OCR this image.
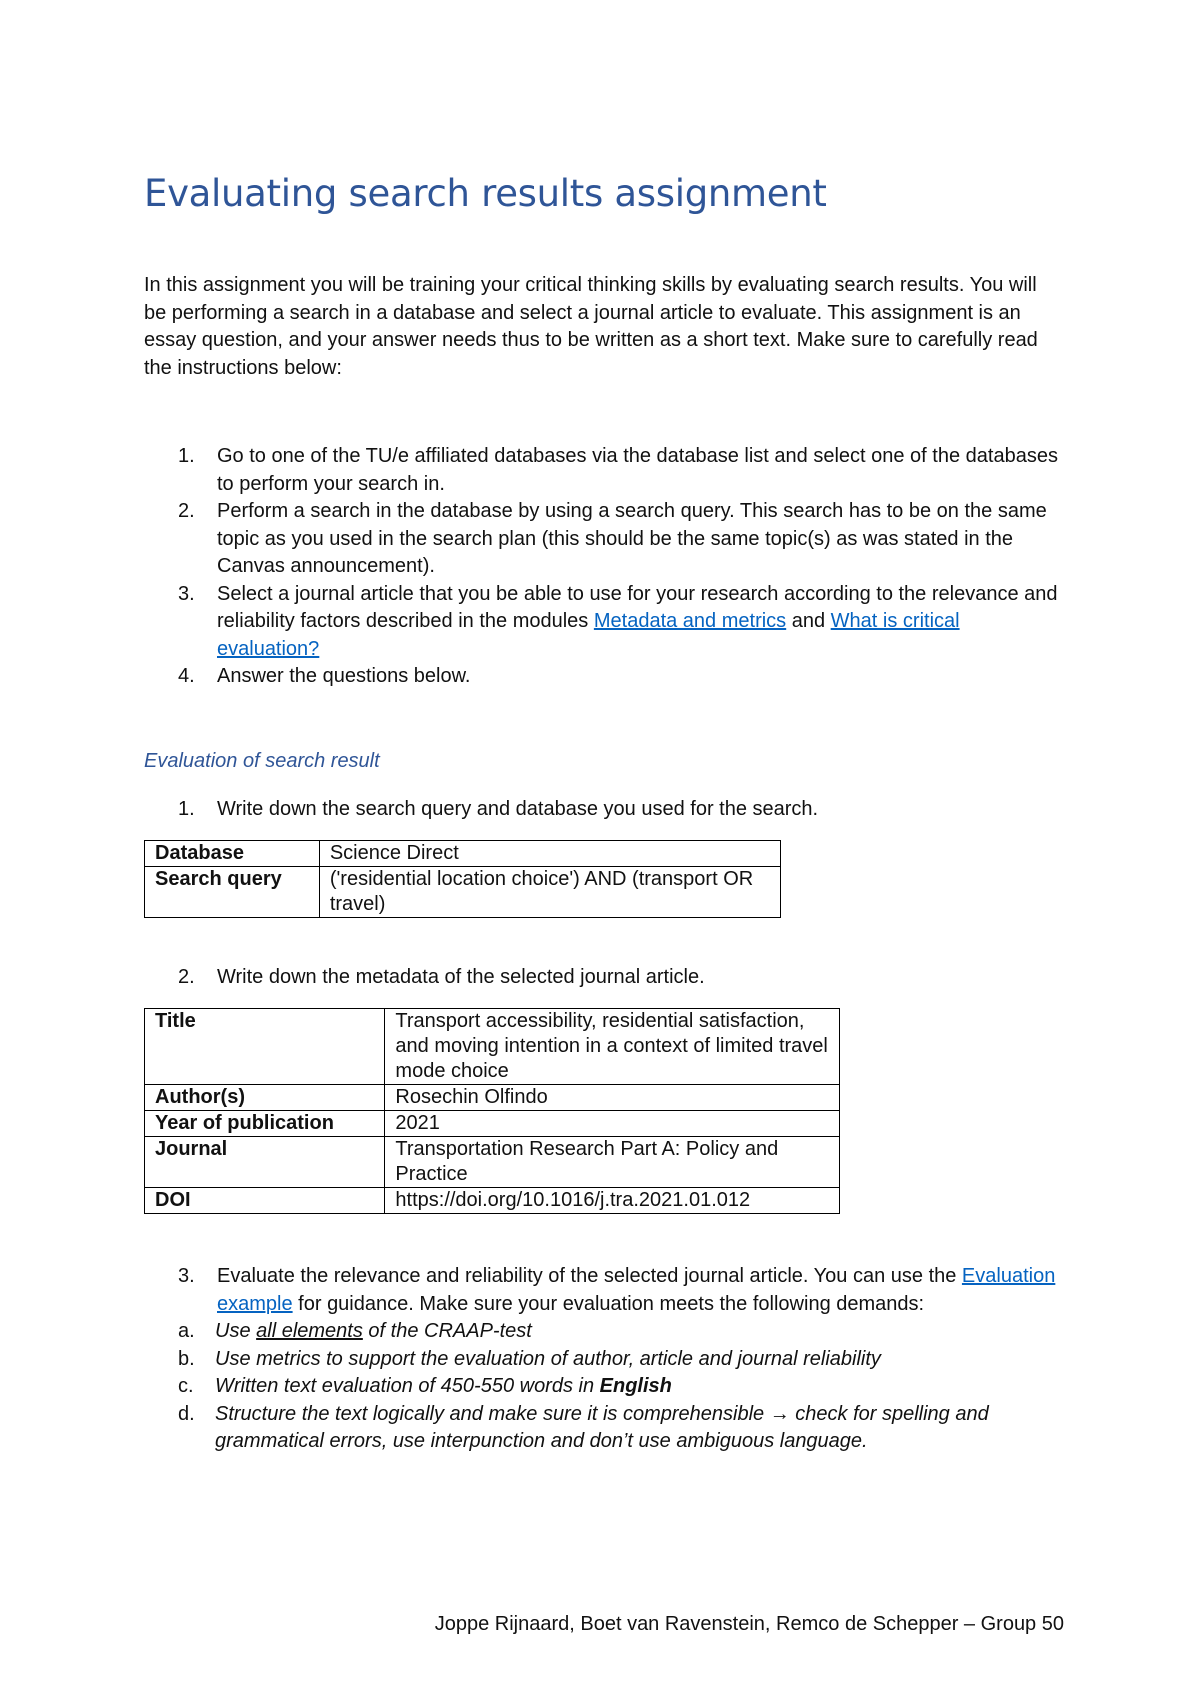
Evaluating search results assignment

In this assignment you will be training your critical thinking skills by evaluating search results. You will be performing a search in a database and select a journal article to evaluate. This assignment is an essay question, and your answer needs thus to be written as a short text. Make sure to carefully read the instructions below:

1. Go to one of the TU/e affiliated databases via the database list and select one of the databases to perform your search in.
2. Perform a search in the database by using a search query. This search has to be on the same topic as you used in the search plan (this should be the same topic(s) as was stated in the Canvas announcement).
3. Select a journal article that you be able to use for your research according to the relevance and reliability factors described in the modules Metadata and metrics and What is critical evaluation?
4. Answer the questions below.
Evaluation of search result
1. Write down the search query and database you used for the search.
Database	Science Direct
Search query	('residential location choice') AND (transport OR travel)
2. Write down the metadata of the selected journal article.
Title	Transport accessibility, residential satisfaction, and moving intention in a context of limited travel mode choice
Author(s)	Rosechin Olfindo
Year of publication	2021
Journal	Transportation Research Part A: Policy and Practice
DOI	https://doi.org/10.1016/j.tra.2021.01.012
3. Evaluate the relevance and reliability of the selected journal article. You can use the Evaluation example for guidance. Make sure your evaluation meets the following demands:
a. Use all elements of the CRAAP-test
b. Use metrics to support the evaluation of author, article and journal reliability
c. Written text evaluation of 450-550 words in English
d. Structure the text logically and make sure it is comprehensible → check for spelling and grammatical errors, use interpunction and don’t use ambiguous language.
Joppe Rijnaard, Boet van Ravenstein, Remco de Schepper – Group 50
